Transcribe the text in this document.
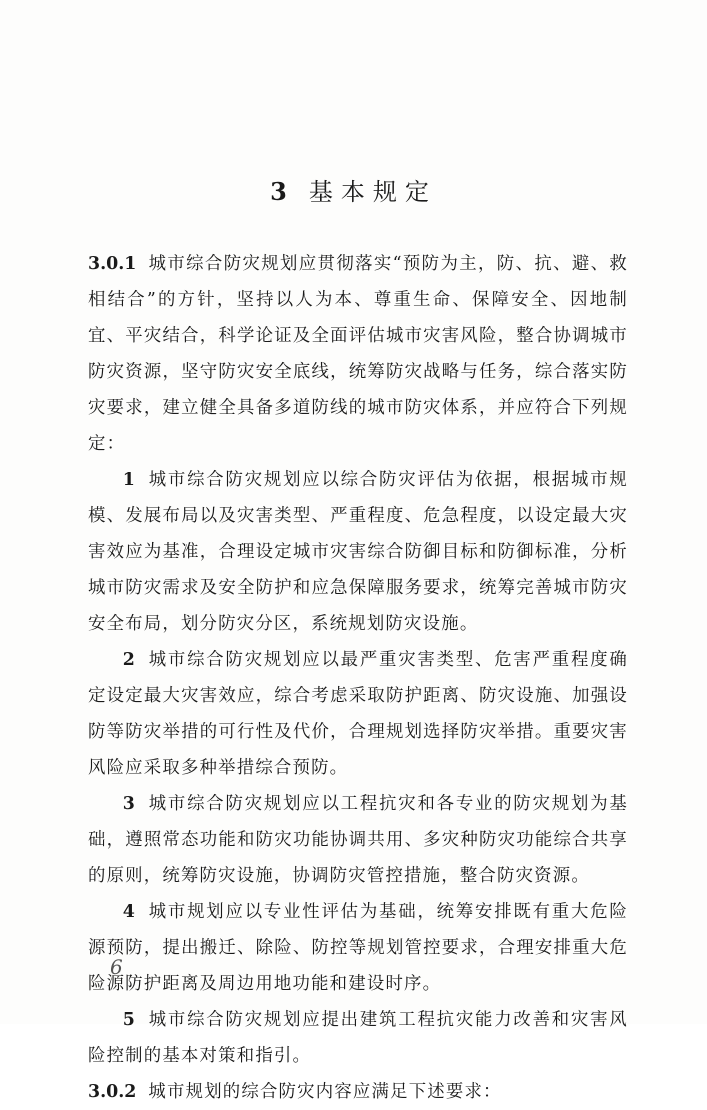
3 基本规定

3.0.1 城市综合防灾规划应贯彻落实“预防为主，防、抗、避、救相结合”的方针，坚持以人为本、尊重生命、保障安全、因地制宜、平灾结合，科学论证及全面评估城市灾害风险，整合协调城市防灾资源，坚守防灾安全底线，统筹防灾战略与任务，综合落实防灾要求，建立健全具备多道防线的城市防灾体系，并应符合下列规定：

1 城市综合防灾规划应以综合防灾评估为依据，根据城市规模、发展布局以及灾害类型、严重程度、危急程度，以设定最大灾害效应为基准，合理设定城市灾害综合防御目标和防御标准，分析城市防灾需求及安全防护和应急保障服务要求，统筹完善城市防灾安全布局，划分防灾分区，系统规划防灾设施。

2 城市综合防灾规划应以最严重灾害类型、危害严重程度确定设定最大灾害效应，综合考虑采取防护距离、防灾设施、加强设防等防灾举措的可行性及代价，合理规划选择防灾举措。重要灾害风险应采取多种举措综合预防。

3 城市综合防灾规划应以工程抗灾和各专业的防灾规划为基础，遵照常态功能和防灾功能协调共用、多灾种防灾功能综合共享的原则，统筹防灾设施，协调防灾管控措施，整合防灾资源。

4 城市规划应以专业性评估为基础，统筹安排既有重大危险源预防，提出搬迁、除险、防控等规划管控要求，合理安排重大危险源防护距离及周边用地功能和建设时序。

5 城市综合防灾规划应提出建筑工程抗灾能力改善和灾害风险控制的基本对策和指引。

3.0.2 城市规划的综合防灾内容应满足下述要求：

6
